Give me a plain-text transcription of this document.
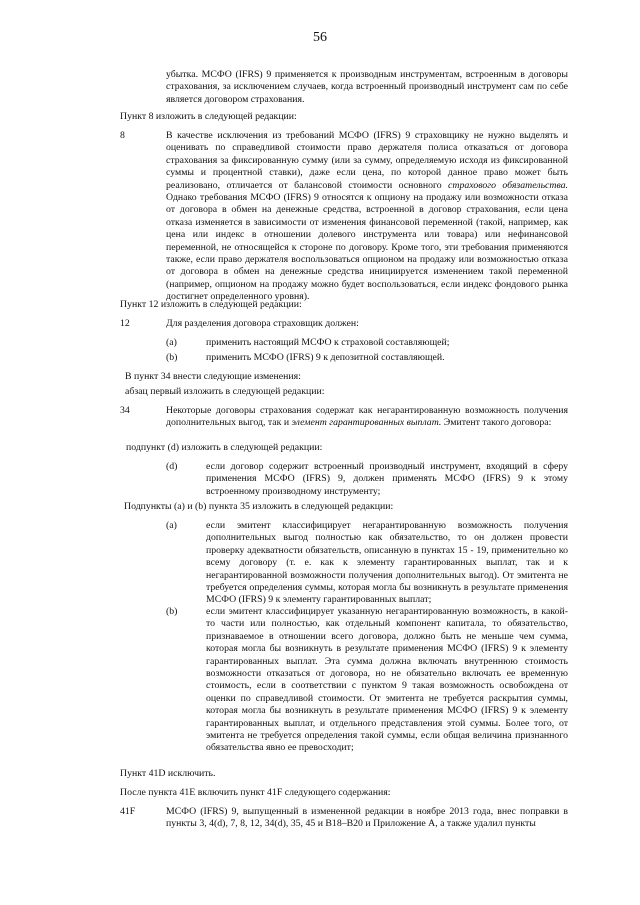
56
убытка. МСФО (IFRS) 9 применяется к производным инструментам, встроенным в договоры страхования, за исключением случаев, когда встроенный производный инструмент сам по себе является договором страхования.
Пункт 8 изложить в следующей редакции:
8	В качестве исключения из требований МСФО (IFRS) 9 страховщику не нужно выделять и оценивать по справедливой стоимости право держателя полиса отказаться от договора страхования за фиксированную сумму (или за сумму, определяемую исходя из фиксированной суммы и процентной ставки), даже если цена, по которой данное право может быть реализовано, отличается от балансовой стоимости основного страхового обязательства. Однако требования МСФО (IFRS) 9 относятся к опциону на продажу или возможности отказа от договора в обмен на денежные средства, встроенной в договор страхования, если цена отказа изменяется в зависимости от изменения финансовой переменной (такой, например, как цена или индекс в отношении долевого инструмента или товара) или нефинансовой переменной, не относящейся к стороне по договору. Кроме того, эти требования применяются также, если право держателя воспользоваться опционом на продажу или возможностью отказа от договора в обмен на денежные средства инициируется изменением такой переменной (например, опционом на продажу можно будет воспользоваться, если индекс фондового рынка достигнет определенного уровня).
Пункт 12 изложить в следующей редакции:
12	Для разделения договора страховщик должен:
(a)	применить настоящий МСФО к страховой составляющей;
(b)	применить МСФО (IFRS) 9 к депозитной составляющей.
В пункт 34 внести следующие изменения:
абзац первый изложить в следующей редакции:
34	Некоторые договоры страхования содержат как негарантированную возможность получения дополнительных выгод, так и элемент гарантированных выплат. Эмитент такого договора:
подпункт (d) изложить в следующей редакции:
(d)	если договор содержит встроенный производный инструмент, входящий в сферу применения МСФО (IFRS) 9, должен применять МСФО (IFRS) 9 к этому встроенному производному инструменту;
Подпункты (a) и (b) пункта 35 изложить в следующей редакции:
(a)	если эмитент классифицирует негарантированную возможность получения дополнительных выгод полностью как обязательство, то он должен провести проверку адекватности обязательств, описанную в пунктах 15 - 19, применительно ко всему договору (т. е. как к элементу гарантированных выплат, так и к негарантированной возможности получения дополнительных выгод). От эмитента не требуется определения суммы, которая могла бы возникнуть в результате применения МСФО (IFRS) 9 к элементу гарантированных выплат;
(b)	если эмитент классифицирует указанную негарантированную возможность, в какой-то части или полностью, как отдельный компонент капитала, то обязательство, признаваемое в отношении всего договора, должно быть не меньше чем сумма, которая могла бы возникнуть в результате применения МСФО (IFRS) 9 к элементу гарантированных выплат. Эта сумма должна включать внутреннюю стоимость возможности отказаться от договора, но не обязательно включать ее временную стоимость, если в соответствии с пунктом 9 такая возможность освобождена от оценки по справедливой стоимости. От эмитента не требуется раскрытия суммы, которая могла бы возникнуть в результате применения МСФО (IFRS) 9 к элементу гарантированных выплат, и отдельного представления этой суммы. Более того, от эмитента не требуется определения такой суммы, если общая величина признанного обязательства явно ее превосходит;
Пункт 41D исключить.
После пункта 41E включить пункт 41F следующего содержания:
41F	МСФО (IFRS) 9, выпущенный в измененной редакции в ноябре 2013 года, внес поправки в пункты 3, 4(d), 7, 8, 12, 34(d), 35, 45 и B18–B20 и Приложение A, а также удалил пункты
